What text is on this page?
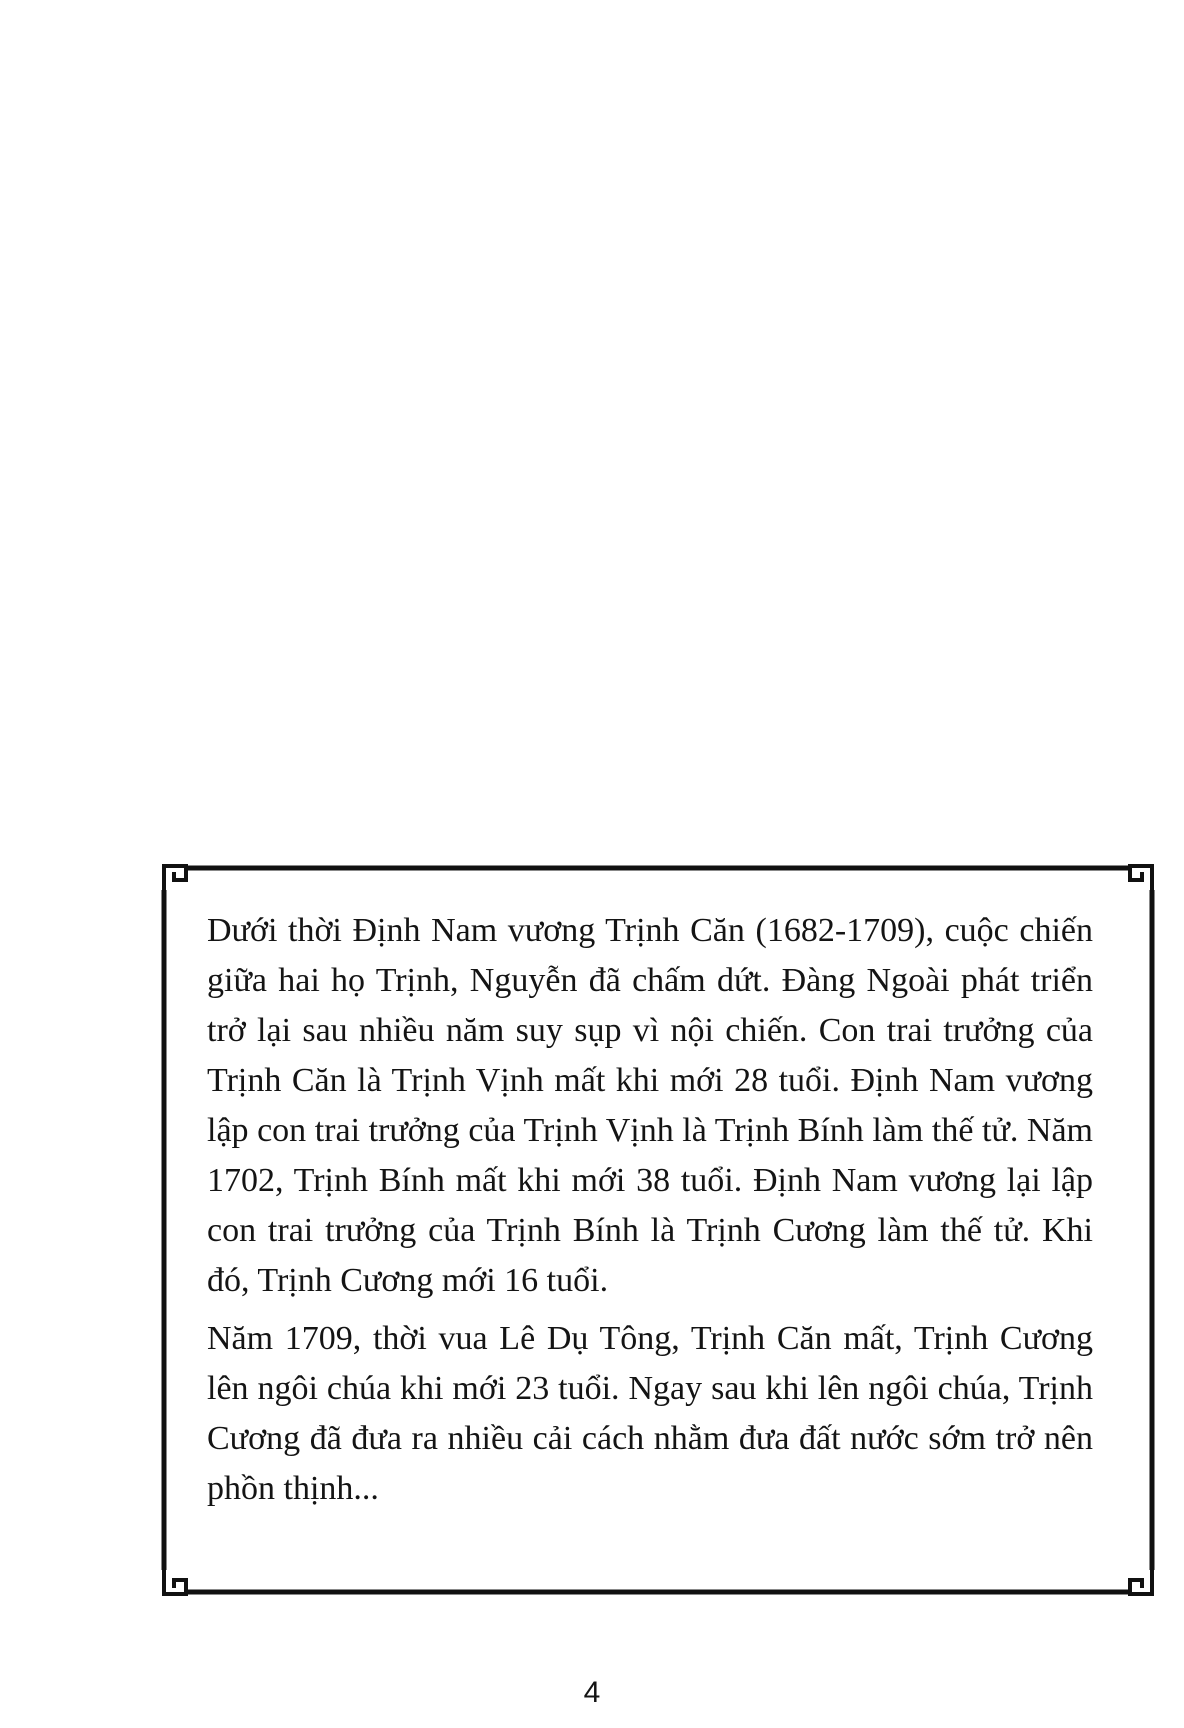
Dưới thời Định Nam vương Trịnh Căn (1682-1709), cuộc chiến giữa hai họ Trịnh, Nguyễn đã chấm dứt. Đàng Ngoài phát triển trở lại sau nhiều năm suy sụp vì nội chiến. Con trai trưởng của Trịnh Căn là Trịnh Vịnh mất khi mới 28 tuổi. Định Nam vương lập con trai trưởng của Trịnh Vịnh là Trịnh Bính làm thế tử. Năm 1702, Trịnh Bính mất khi mới 38 tuổi. Định Nam vương lại lập con trai trưởng của Trịnh Bính là Trịnh Cương làm thế tử. Khi đó, Trịnh Cương mới 16 tuổi.

Năm 1709, thời vua Lê Dụ Tông, Trịnh Căn mất, Trịnh Cương lên ngôi chúa khi mới 23 tuổi. Ngay sau khi lên ngôi chúa, Trịnh Cương đã đưa ra nhiều cải cách nhằm đưa đất nước sớm trở nên phồn thịnh...

4
